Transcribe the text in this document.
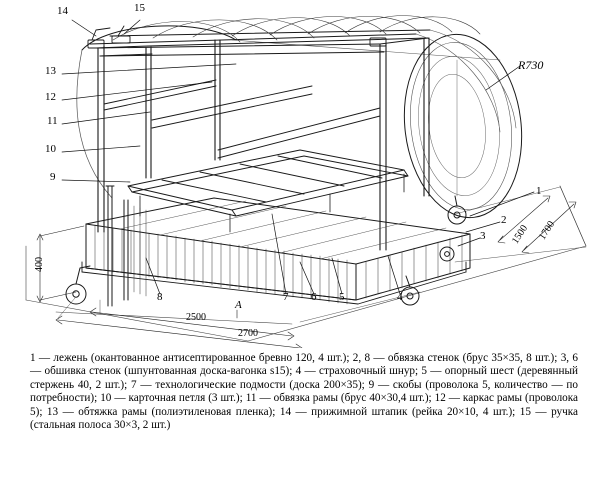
14	15
13
12
11
10
9
8	7 6 5	4
1
2
3
R730
400
2500
2700
1500 1700
A
1 — лежень (окантованное антисептированное бревно 120, 4 шт.); 2, 8 — обвязка стенок (брус 35×35, 8 шт.); 3, 6 — обшивка стенок (шпунтованная доска-вагонка s15); 4 — страховочный шнур; 5 — опорный шест (деревянный стержень 40, 2 шт.); 7 — технологические подмости (доска 200×35); 9 — скобы (проволока 5, количество — по потребности); 10 — карточная петля (3 шт.); 11 — обвязка рамы (брус 40×30,4 шт.); 12 — каркас рамы (проволока 5); 13 — обтяжка рамы (полиэтиленовая пленка); 14 — прижимной штапик (рейка 20×10, 4 шт.); 15 — ручка (стальная полоса 30×3, 2 шт.)
